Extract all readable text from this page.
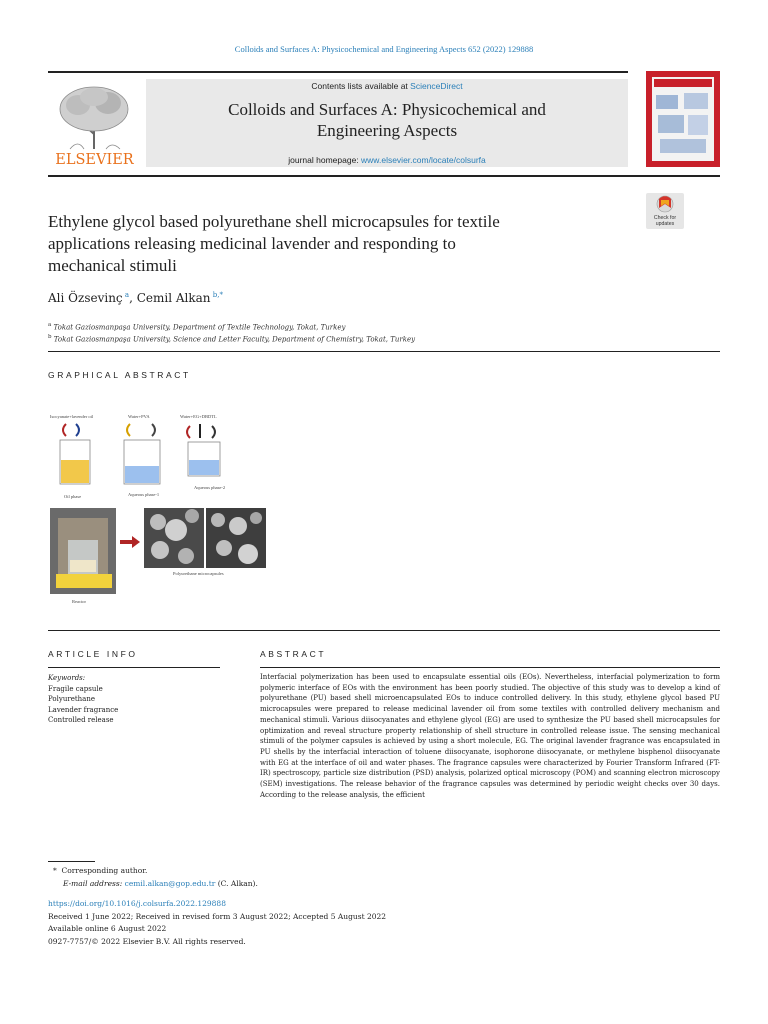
Colloids and Surfaces A: Physicochemical and Engineering Aspects 652 (2022) 129888
ELSEVIER
Contents lists available at ScienceDirect
Colloids and Surfaces A: Physicochemical and
Engineering Aspects
journal homepage: www.elsevier.com/locate/colsurfa
Ethylene glycol based polyurethane shell microcapsules for textile
applications releasing medicinal lavender and responding to
mechanical stimuli
Check for
updates
Ali Özsevinç $^a$, Cemil Alkan $^{b,*}$
$^a$ Tokat Gaziosmanpaşa University, Department of Textile Technology, Tokat, Turkey
$^b$ Tokat Gaziosmanpaşa University, Science and Letter Faculty, Department of Chemistry, Tokat, Turkey
GRAPHICAL ABSTRACT
Isocyanate+lavender oil	Water+PVA	Water+EG+DBDTL
Oil phase	Aqueous phase-1
Aqueous phase-2
Reactor
Polyurethane microcapsules
ARTICLE INFO
Keywords:
Fragile capsule
Polyurethane
Lavender fragrance
Controlled release
ABSTRACT
Interfacial polymerization has been used to encapsulate essential oils (EOs). Nevertheless, interfacial polymerization to form polymeric interface of EOs with the environment has been poorly studied. The objective of this study was to develop a kind of polyurethane (PU) based shell microencapsulated EOs to induce controlled delivery. In this study, ethylene glycol based PU microcapsules were prepared to release medicinal lavender oil from some textiles with controlled delivery mechanism and mechanical stimuli. Various diisocyanates and ethylene glycol (EG) are used to synthesize the PU based shell microcapsules for optimization and reveal structure property relationship of shell structure in controlled release issue. The sensing mechanical stimuli of the polymer capsules is achieved by using a short molecule, EG. The original lavender fragrance was encapsulated in PU shells by the interfacial interaction of toluene diisocyanate, isophorone diisocyanate, or methylene bisphenol diisocyanate with EG at the interface of oil and water phases. The fragrance capsules were characterized by Fourier Transform Infrared (FT-IR) spectroscopy, particle size distribution (PSD) analysis, polarized optical microscopy (POM) and scanning electron microscopy (SEM) investigations. The release behavior of the fragrance capsules was determined by periodic weight checks over 30 days. According to the release analysis, the efficient
* Corresponding author.
E-mail address: cemil.alkan@gop.edu.tr (C. Alkan).
https://doi.org/10.1016/j.colsurfa.2022.129888
Received 1 June 2022; Received in revised form 3 August 2022; Accepted 5 August 2022
Available online 6 August 2022
0927-7757/© 2022 Elsevier B.V. All rights reserved.
